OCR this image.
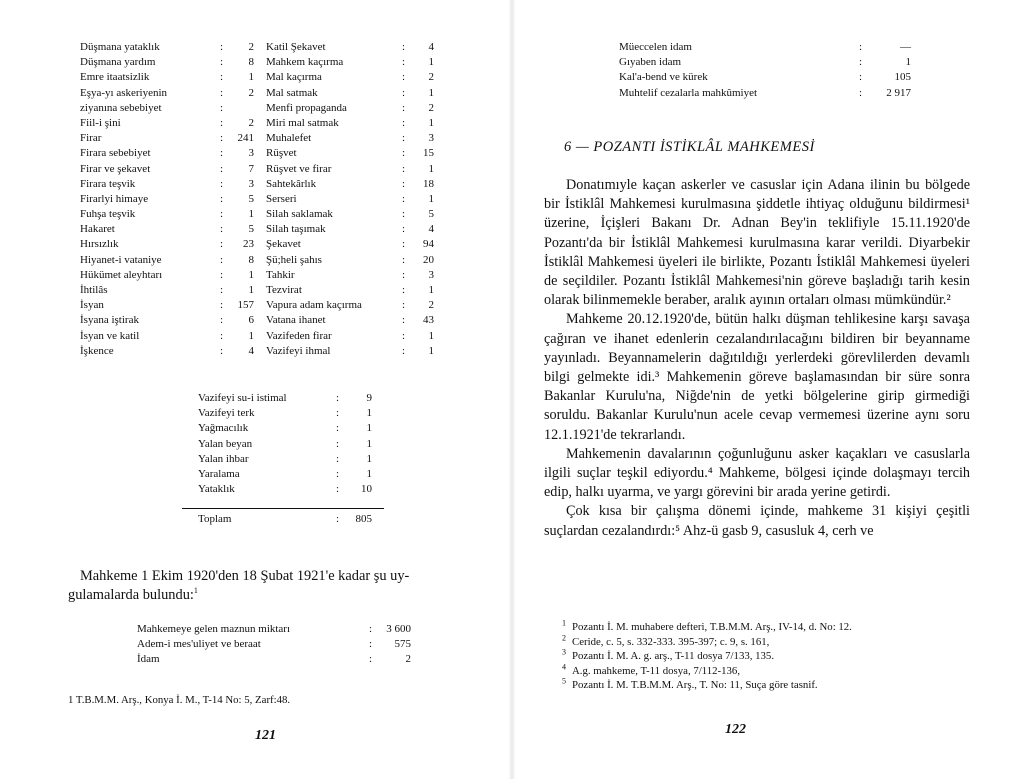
Düşmana yataklık	:	2
Düşmana yardım	:	8
Emre itaatsizlik	:	1
Eşya-yı askeriyenin	:	2
ziyanına sebebiyet	:
Fiil-i şini	:	2
Firar	:	241
Firara sebebiyet	:	3
Firar ve şekavet	:	7
Firara teşvik	:	3
Firarlyi himaye	:	5
Fuhşa teşvik	:	1
Hakaret	:	5
Hırsızlık	:	23
Hiyanet-i vataniye	:	8
Hükümet aleyhtarı	:	1
İhtilâs	:	1
İsyan	:	157
İsyana iştirak	:	6
İsyan ve katil	:	1
İşkence	:	4
Katil Şekavet	:	4
Mahkem kaçırma	:	1
Mal kaçırma	:	2
Mal satmak	:	1
Menfi propaganda	:	2
Miri mal satmak	:	1
Muhalefet	:	3
Rüşvet	:	15
Rüşvet ve firar	:	1
Sahtekârlık	:	18
Serseri	:	1
Silah saklamak	:	5
Silah taşımak	:	4
Şekavet	:	94
Şü;heli şahıs	:	20
Tahkir	:	3
Tezvirat	:	1
Vapura adam kaçırma	:	2
Vatana ihanet	:	43
Vazifeden firar	:	1
Vazifeyi ihmal	:	1
Vazifeyi su-i istimal	:	9
Vazifeyi terk	:	1
Yağmacılık	:	1
Yalan beyan	:	1
Yalan ihbar	:	1
Yaralama	:	1
Yataklık	:	10
Toplam	:	805
Mahkeme 1 Ekim 1920'den 18 Şubat 1921'e kadar şu uy-
gulamalarda bulundu:$^1$
Mahkemeye gelen maznun miktarı	:	3 600
Adem-i mes'uliyet ve beraat	:	575
İdam	:	2
1 T.B.M.M. Arş., Konya İ. M., T-14 No: 5, Zarf:48.
121
Müeccelen idam	:	—
Gıyaben idam	:	1
Kal'a-bend ve kürek	:	105
Muhtelif cezalarla mahkûmiyet	:	2 917
6 — POZANTI İSTİKLÂL MAHKEMESİ

Donatımıyle kaçan askerler ve casuslar için Adana ilinin bu bölgede bir İstiklâl Mahkemesi kurulmasına şiddetle ihtiyaç olduğunu bildirmesi¹ üzerine, İçişleri Bakanı Dr. Adnan Bey'in teklifiyle 15.11.1920'de Pozantı'da bir İstiklâl Mahkemesi kurulmasına karar verildi. Diyarbekir İstiklâl Mahkemesi üyeleri ile birlikte, Pozantı İstiklâl Mahkemesi üyeleri de seçildiler. Pozantı İstiklâl Mahkemesi'nin göreve başladığı tarih kesin olarak bilinmemekle beraber, aralık ayının ortaları olması mümkündür.²

Mahkeme 20.12.1920'de, bütün halkı düşman tehlikesine karşı savaşa çağıran ve ihanet edenlerin cezalandırılacağını bildiren bir beyanname yayınladı. Beyannamelerin dağıtıldığı yerlerdeki görevlilerden devamlı bilgi gelmekte idi.³ Mahkemenin göreve başlamasından bir süre sonra Bakanlar Kurulu'na, Niğde'nin de yetki bölgelerine girip girmediği soruldu. Bakanlar Kurulu'nun acele cevap vermemesi üzerine aynı soru 12.1.1921'de tekrarlandı.

Mahkemenin davalarının çoğunluğunu asker kaçakları ve casuslarla ilgili suçlar teşkil ediyordu.⁴ Mahkeme, bölgesi içinde dolaşmayı tercih edip, halkı uyarma, ve yargı görevini bir arada yerine getirdi.

Çok kısa bir çalışma dönemi içinde, mahkeme 31 kişiyi çeşitli suçlardan cezalandırdı:⁵ Ahz-ü gasb 9, casusluk 4, cerh ve

$^1$ Pozantı İ. M. muhabere defteri, T.B.M.M. Arş., IV-14, d. No: 12.
$^2$ Ceride, c. 5, s. 332-333. 395-397; c. 9, s. 161,
$^3$ Pozantı İ. M. A. g. arş., T-11 dosya 7/133, 135.
$^4$ A.g. mahkeme, T-11 dosya, 7/112-136,
$^5$ Pozantı İ. M. T.B.M.M. Arş., T. No: 11, Suça göre tasnif.
122
